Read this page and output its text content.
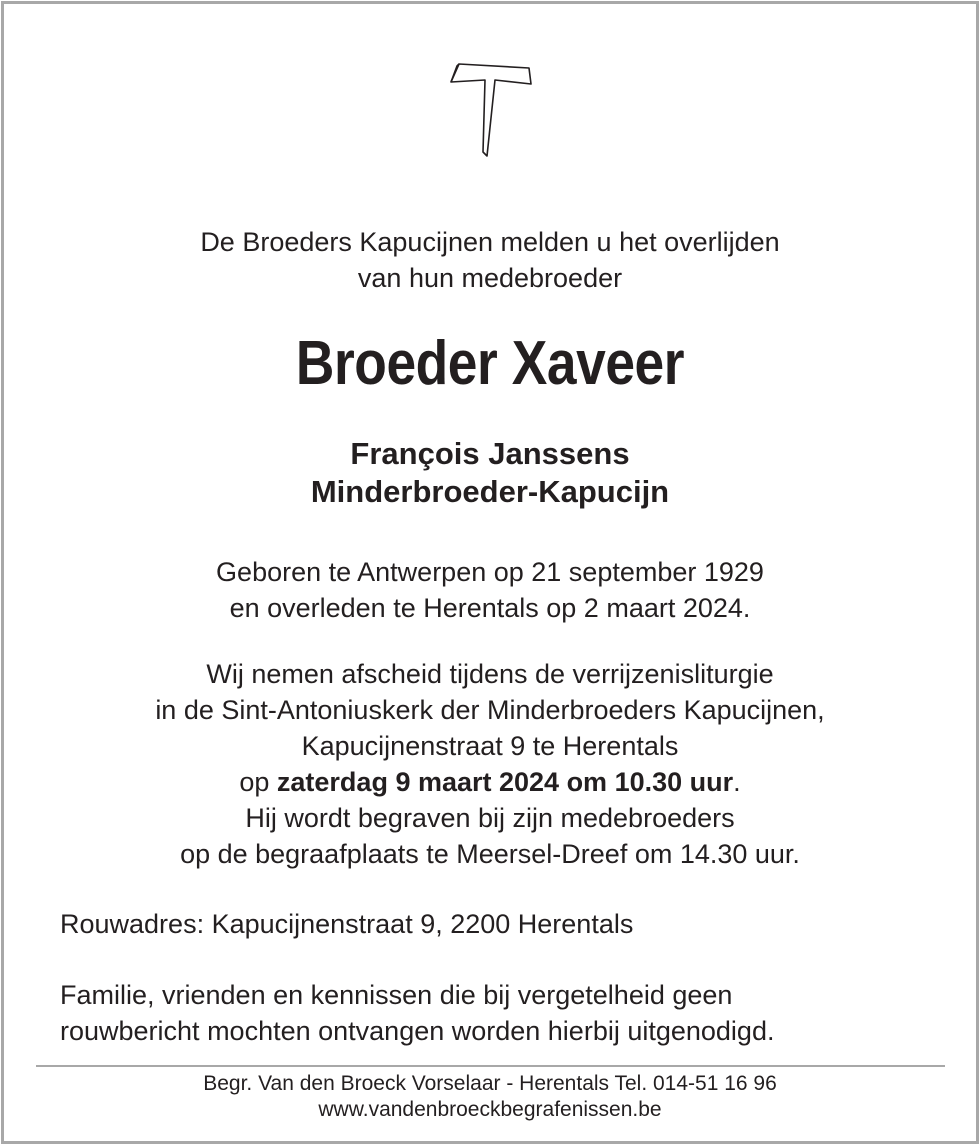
De Broeders Kapucijnen melden u het overlijden
van hun medebroeder
Broeder Xaveer
François Janssens
Minderbroeder-Kapucijn
Geboren te Antwerpen op 21 september 1929
en overleden te Herentals op 2 maart 2024.
Wij nemen afscheid tijdens de verrijzenisliturgie
in de Sint-Antoniuskerk der Minderbroeders Kapucijnen,
Kapucijnenstraat 9 te Herentals
op zaterdag 9 maart 2024 om 10.30 uur.
Hij wordt begraven bij zijn medebroeders
op de begraafplaats te Meersel-Dreef om 14.30 uur.
Rouwadres: Kapucijnenstraat 9, 2200 Herentals
Familie, vrienden en kennissen die bij vergetelheid geen
rouwbericht mochten ontvangen worden hierbij uitgenodigd.
Begr. Van den Broeck Vorselaar - Herentals Tel. 014-51 16 96
www.vandenbroeckbegrafenissen.be
